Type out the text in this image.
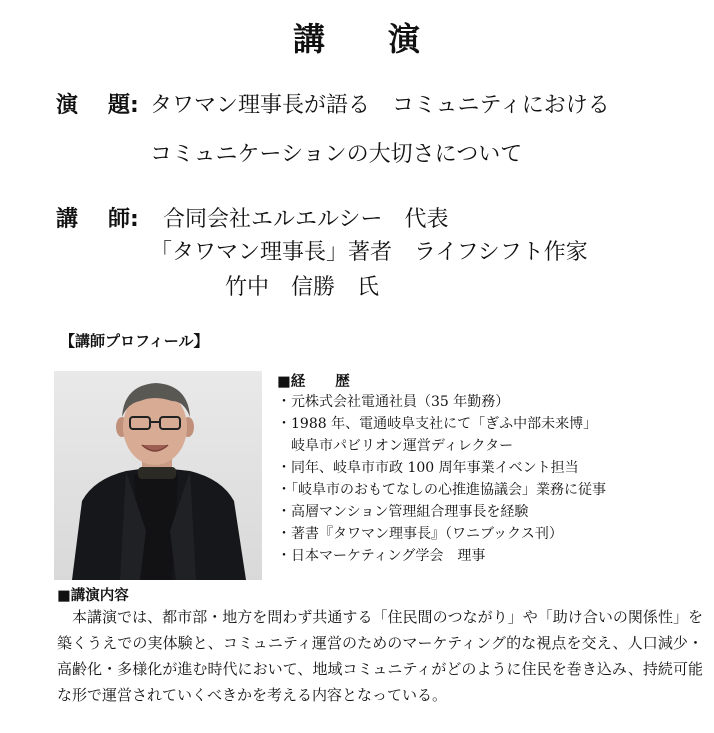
講 演
演 題: タワマン理事長が語る　コミュニティにおける
コミュニケーションの大切さについて
講 師: 合同会社エルエルシー　代表
「タワマン理事長」著者　ライフシフト作家
竹中　信勝　氏
【講師プロフィール】
■経 歴
・元株式会社電通社員（35 年勤務）
・1988 年、電通岐阜支社にて「ぎふ中部未来博」
岐阜市パビリオン運営ディレクター
・同年、岐阜市市政 100 周年事業イベント担当
・「岐阜市のおもてなしの心推進協議会」業務に従事
・高層マンション管理組合理事長を経験
・著書『タワマン理事長』（ワニブックス刊）
・日本マーケティング学会　理事
■講演内容
本講演では、都市部・地方を問わず共通する「住民間のつながり」や「助け合いの関係性」を築くうえでの実体験と、コミュニティ運営のためのマーケティング的な視点を交え、人口減少・高齢化・多様化が進む時代において、地域コミュニティがどのように住民を巻き込み、持続可能な形で運営されていくべきかを考える内容となっている。
